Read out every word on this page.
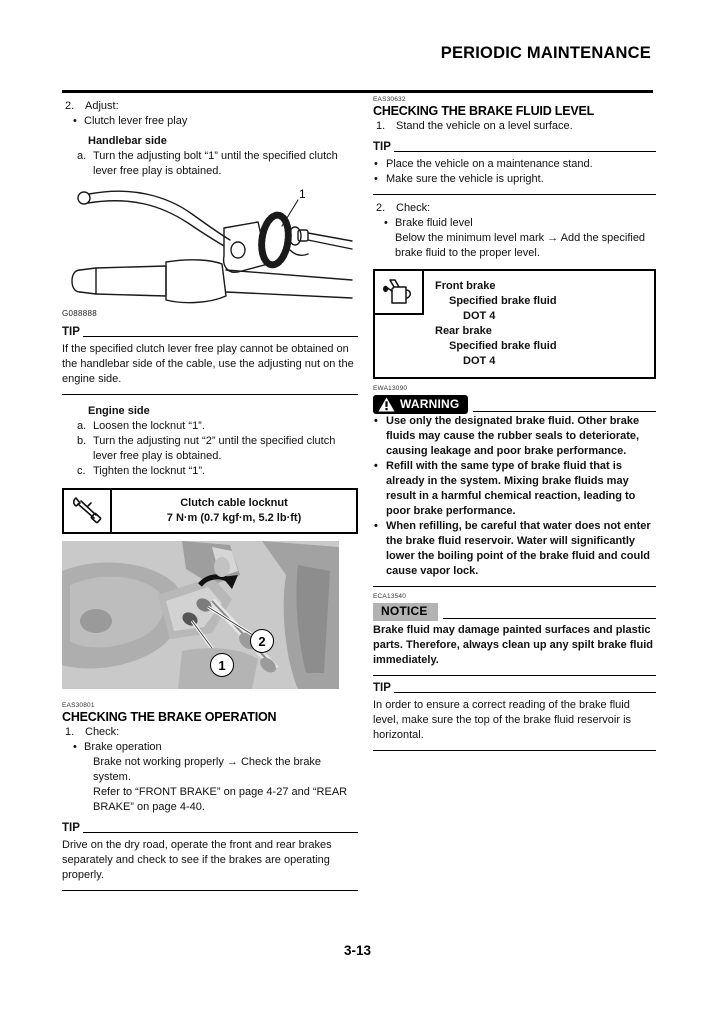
PERIODIC MAINTENANCE
2. Adjust:
• Clutch lever free play
Handlebar side
a. Turn the adjusting bolt “1” until the specified clutch lever free play is obtained.
1
G088888
TIP
If the specified clutch lever free play cannot be obtained on the handlebar side of the cable, use the adjusting nut on the engine side.
Engine side
a. Loosen the locknut “1”.
b. Turn the adjusting nut “2” until the specified clutch lever free play is obtained.
c. Tighten the locknut “1”.
Clutch cable locknut
7 N·m (0.7 kgf·m, 5.2 lb·ft)
1
2
EAS30801
CHECKING THE BRAKE OPERATION
1. Check:
• Brake operation
Brake not working properly → Check the brake system.
Refer to “FRONT BRAKE” on page 4-27 and “REAR BRAKE” on page 4-40.
TIP
Drive on the dry road, operate the front and rear brakes separately and check to see if the brakes are operating properly.
EAS30632
CHECKING THE BRAKE FLUID LEVEL
1. Stand the vehicle on a level surface.
TIP
• Place the vehicle on a maintenance stand.
• Make sure the vehicle is upright.
2. Check:
• Brake fluid level
Below the minimum level mark → Add the specified brake fluid to the proper level.
Front brake
Specified brake fluid
DOT 4
Rear brake
Specified brake fluid
DOT 4
EWA13090
WARNING
• Use only the designated brake fluid. Other brake fluids may cause the rubber seals to deteriorate, causing leakage and poor brake performance.
• Refill with the same type of brake fluid that is already in the system. Mixing brake fluids may result in a harmful chemical reaction, leading to poor brake performance.
• When refilling, be careful that water does not enter the brake fluid reservoir. Water will significantly lower the boiling point of the brake fluid and could cause vapor lock.
ECA13540
NOTICE
Brake fluid may damage painted surfaces and plastic parts. Therefore, always clean up any spilt brake fluid immediately.
TIP
In order to ensure a correct reading of the brake fluid level, make sure the top of the brake fluid reservoir is horizontal.
3-13
